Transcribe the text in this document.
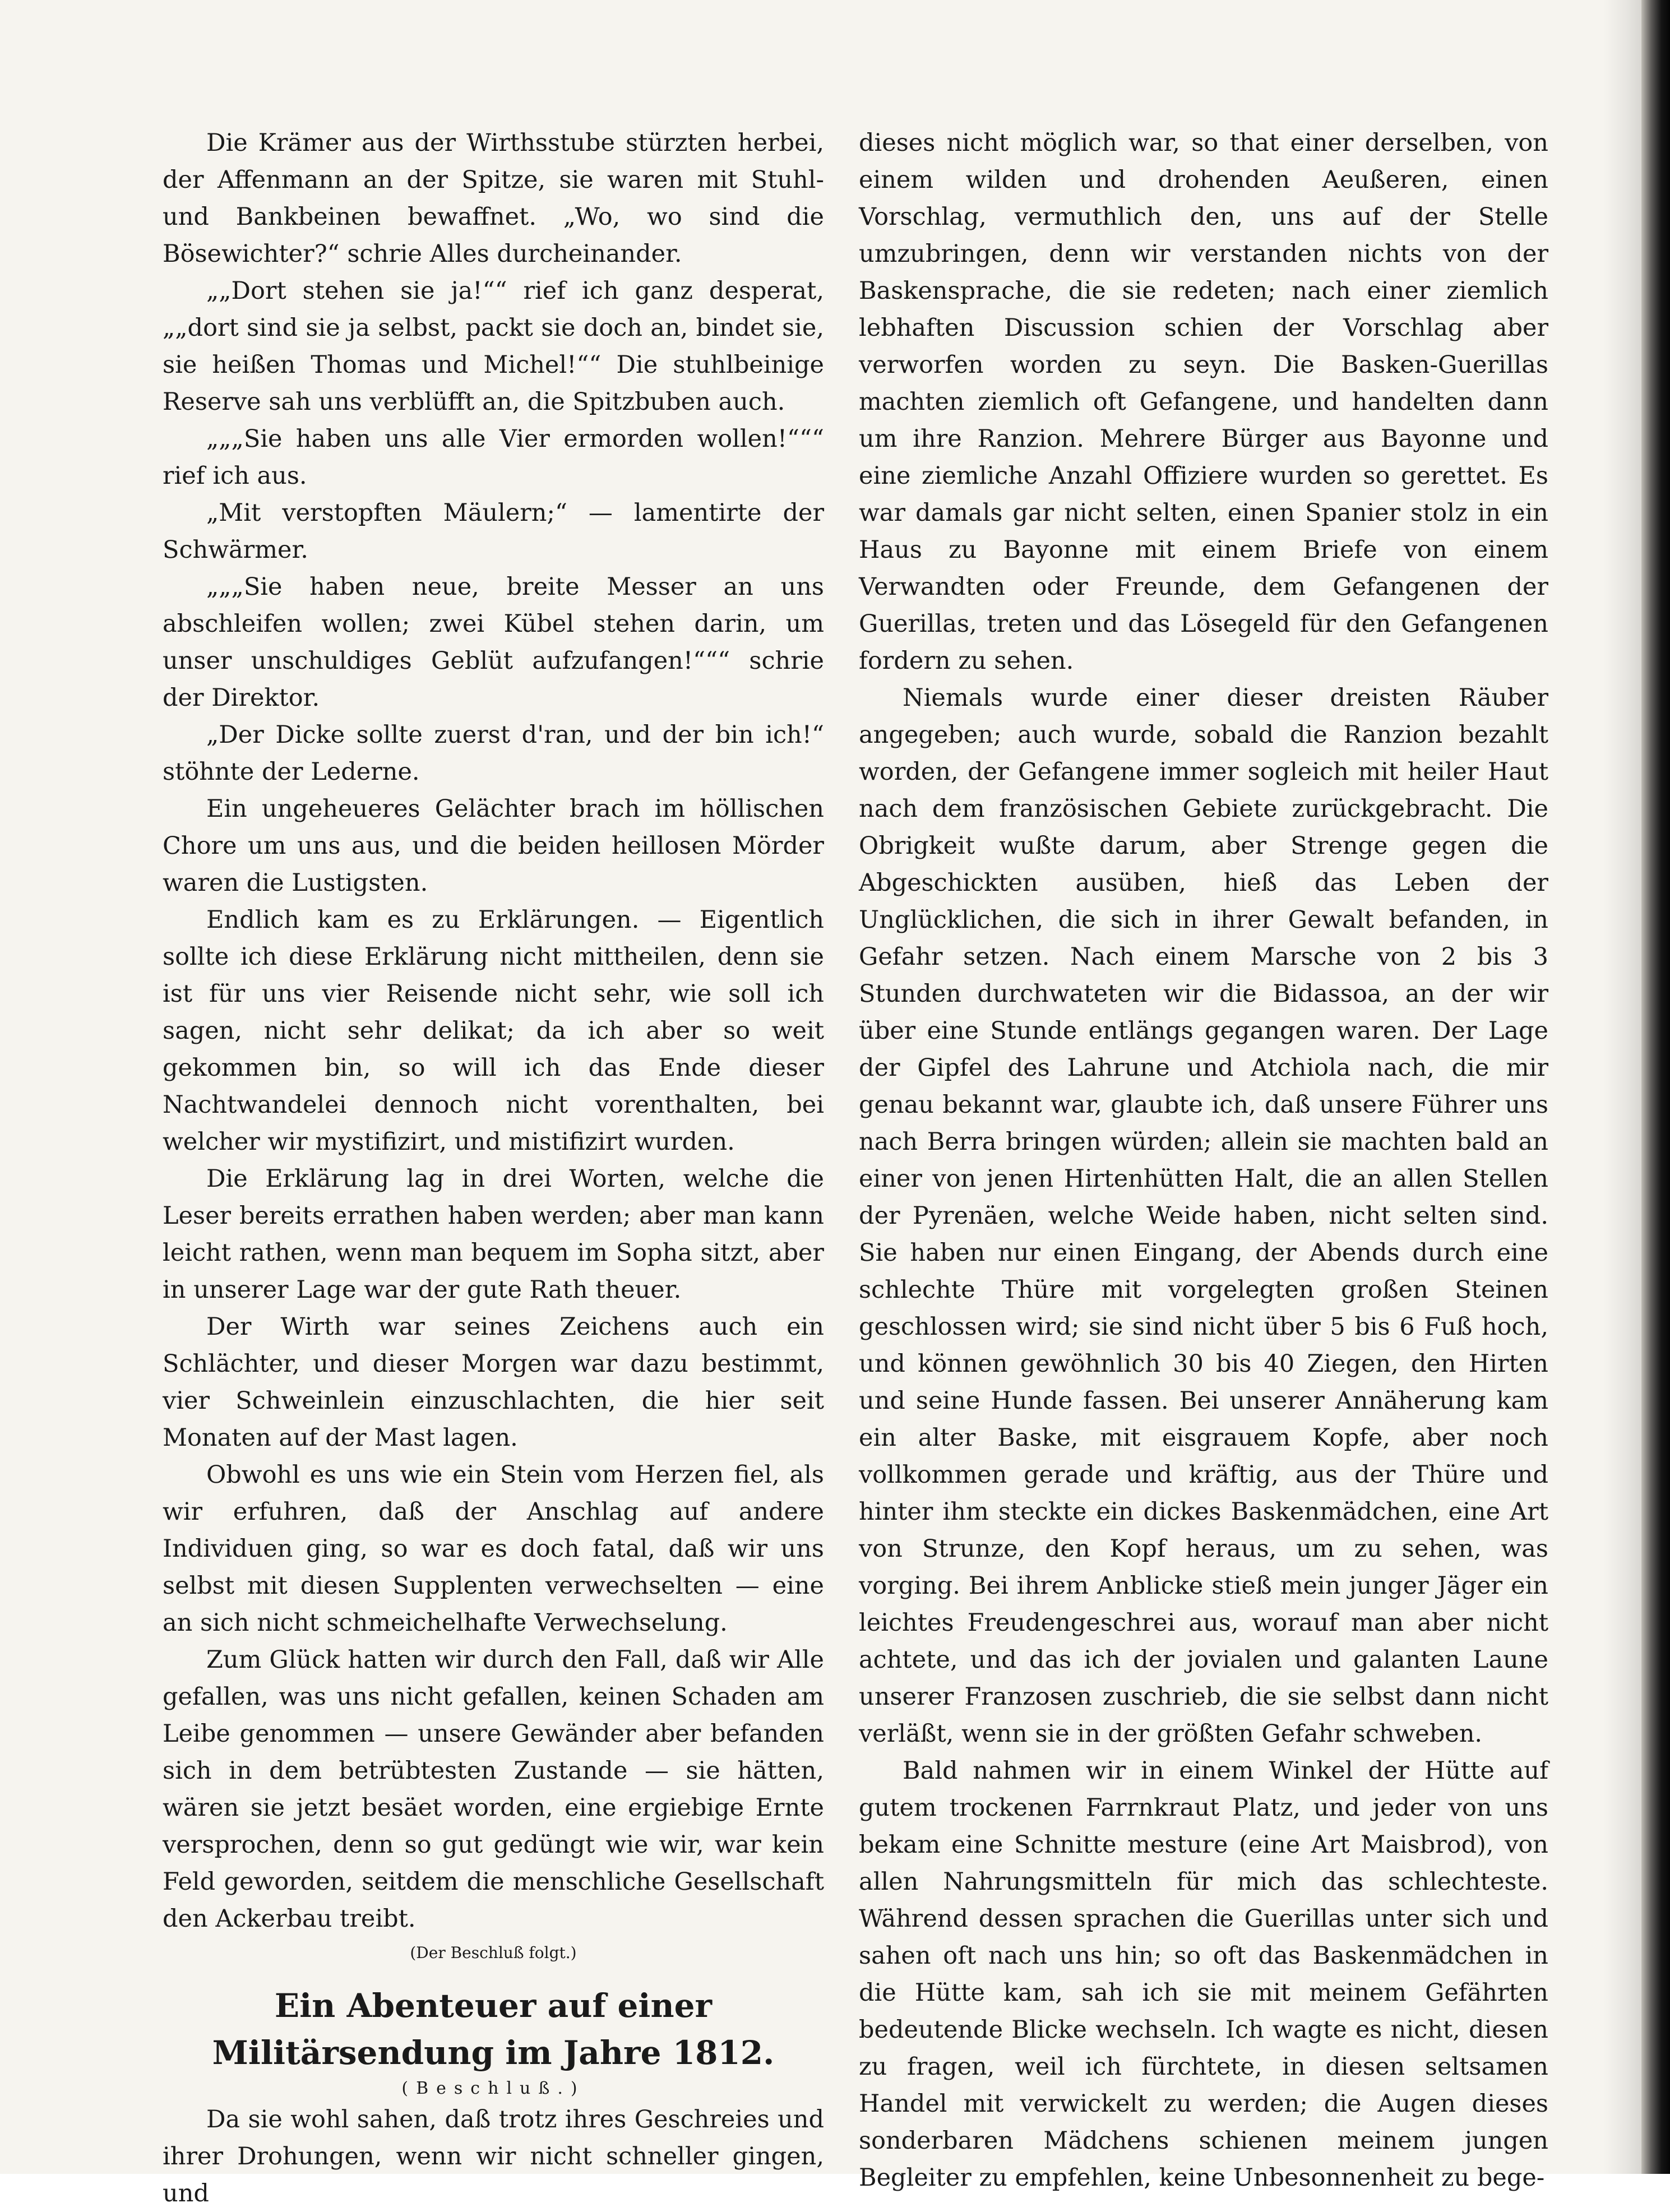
Die Krämer aus der Wirthsstube stürzten herbei, der Affenmann an der Spitze, sie waren mit Stuhl- und Bankbeinen bewaffnet. „Wo, wo sind die Bösewichter?“ schrie Alles durcheinander.

„„Dort stehen sie ja!““ rief ich ganz desperat, „„dort sind sie ja selbst, packt sie doch an, bindet sie, sie heißen Thomas und Michel!““ Die stuhlbeinige Reserve sah uns verblüfft an, die Spitzbuben auch.

„„„Sie haben uns alle Vier ermorden wollen!“““ rief ich aus.

„Mit verstopften Mäulern;“ — lamentirte der Schwärmer.

„„„Sie haben neue, breite Messer an uns abschleifen wollen; zwei Kübel stehen darin, um unser unschuldiges Geblüt aufzufangen!“““ schrie der Direktor.

„Der Dicke sollte zuerst d'ran, und der bin ich!“ stöhnte der Lederne.

Ein ungeheueres Gelächter brach im höllischen Chore um uns aus, und die beiden heillosen Mörder waren die Lustigsten.

Endlich kam es zu Erklärungen. — Eigentlich sollte ich diese Erklärung nicht mittheilen, denn sie ist für uns vier Reisende nicht sehr, wie soll ich sagen, nicht sehr delikat; da ich aber so weit gekommen bin, so will ich das Ende dieser Nachtwandelei dennoch nicht vorenthalten, bei welcher wir mystifizirt, und mistifizirt wurden.

Die Erklärung lag in drei Worten, welche die Leser bereits errathen haben werden; aber man kann leicht rathen, wenn man bequem im Sopha sitzt, aber in unserer Lage war der gute Rath theuer.

Der Wirth war seines Zeichens auch ein Schlächter, und dieser Morgen war dazu bestimmt, vier Schweinlein einzuschlachten, die hier seit Monaten auf der Mast lagen.

Obwohl es uns wie ein Stein vom Herzen fiel, als wir erfuhren, daß der Anschlag auf andere Individuen ging, so war es doch fatal, daß wir uns selbst mit diesen Supplenten verwechselten — eine an sich nicht schmeichelhafte Verwechselung.

Zum Glück hatten wir durch den Fall, daß wir Alle gefallen, was uns nicht gefallen, keinen Schaden am Leibe genommen — unsere Gewänder aber befanden sich in dem betrübtesten Zustande — sie hätten, wären sie jetzt besäet worden, eine ergiebige Ernte versprochen, denn so gut gedüngt wie wir, war kein Feld geworden, seitdem die menschliche Gesellschaft den Ackerbau treibt.

(Der Beschluß folgt.)
Ein Abenteuer auf einer Militärsendung im Jahre 1812.
(Beschluß.)

Da sie wohl sahen, daß trotz ihres Geschreies und ihrer Drohungen, wenn wir nicht schneller gingen, und

dieses nicht möglich war, so that einer derselben, von einem wilden und drohenden Aeußeren, einen Vorschlag, vermuthlich den, uns auf der Stelle umzubringen, denn wir verstanden nichts von der Baskensprache, die sie redeten; nach einer ziemlich lebhaften Discussion schien der Vorschlag aber verworfen worden zu seyn. Die Basken-Guerillas machten ziemlich oft Gefangene, und handelten dann um ihre Ranzion. Mehrere Bürger aus Bayonne und eine ziemliche Anzahl Offiziere wurden so gerettet. Es war damals gar nicht selten, einen Spanier stolz in ein Haus zu Bayonne mit einem Briefe von einem Verwandten oder Freunde, dem Gefangenen der Guerillas, treten und das Lösegeld für den Gefangenen fordern zu sehen.

Niemals wurde einer dieser dreisten Räuber angegeben; auch wurde, sobald die Ranzion bezahlt worden, der Gefangene immer sogleich mit heiler Haut nach dem französischen Gebiete zurückgebracht. Die Obrigkeit wußte darum, aber Strenge gegen die Abgeschickten ausüben, hieß das Leben der Unglücklichen, die sich in ihrer Gewalt befanden, in Gefahr setzen. Nach einem Marsche von 2 bis 3 Stunden durchwateten wir die Bidassoa, an der wir über eine Stunde entlängs gegangen waren. Der Lage der Gipfel des Lahrune und Atchiola nach, die mir genau bekannt war, glaubte ich, daß unsere Führer uns nach Berra bringen würden; allein sie machten bald an einer von jenen Hirtenhütten Halt, die an allen Stellen der Pyrenäen, welche Weide haben, nicht selten sind. Sie haben nur einen Eingang, der Abends durch eine schlechte Thüre mit vorgelegten großen Steinen geschlossen wird; sie sind nicht über 5 bis 6 Fuß hoch, und können gewöhnlich 30 bis 40 Ziegen, den Hirten und seine Hunde fassen. Bei unserer Annäherung kam ein alter Baske, mit eisgrauem Kopfe, aber noch vollkommen gerade und kräftig, aus der Thüre und hinter ihm steckte ein dickes Baskenmädchen, eine Art von Strunze, den Kopf heraus, um zu sehen, was vorging. Bei ihrem Anblicke stieß mein junger Jäger ein leichtes Freudengeschrei aus, worauf man aber nicht achtete, und das ich der jovialen und galanten Laune unserer Franzosen zuschrieb, die sie selbst dann nicht verläßt, wenn sie in der größten Gefahr schweben.

Bald nahmen wir in einem Winkel der Hütte auf gutem trockenen Farrnkraut Platz, und jeder von uns bekam eine Schnitte mesture (eine Art Maisbrod), von allen Nahrungsmitteln für mich das schlechteste. Während dessen sprachen die Guerillas unter sich und sahen oft nach uns hin; so oft das Baskenmädchen in die Hütte kam, sah ich sie mit meinem Gefährten bedeutende Blicke wechseln. Ich wagte es nicht, diesen zu fragen, weil ich fürchtete, in diesen seltsamen Handel mit verwickelt zu werden; die Augen dieses sonderbaren Mädchens schienen meinem jungen Begleiter zu empfehlen, keine Unbesonnenheit zu bege-
